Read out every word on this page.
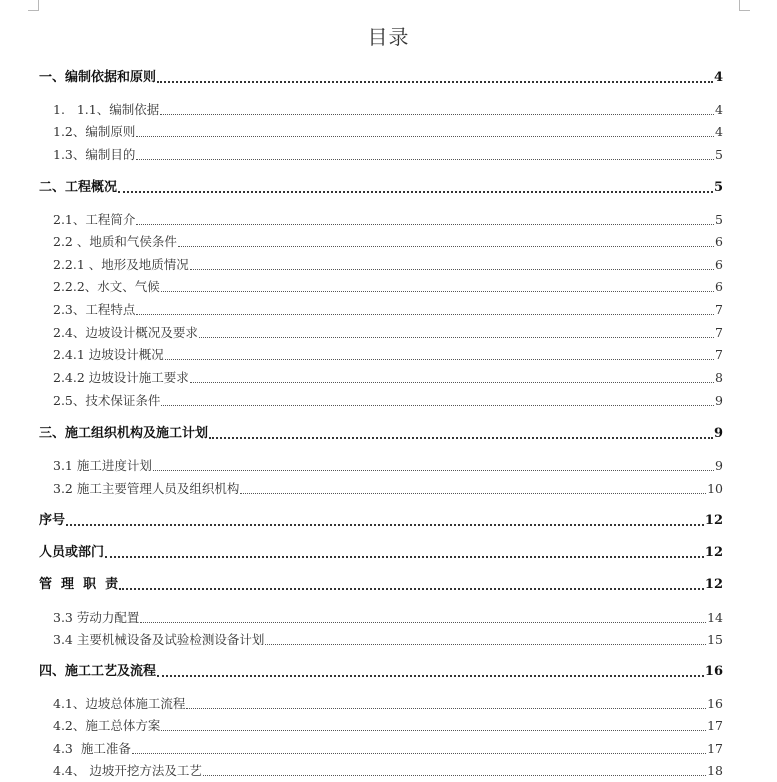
目录
一、编制依据和原则	4
1.   1.1、编制依据	4
1.2、编制原则	4
1.3、编制目的	5
二、工程概况	5
2.1、工程简介	5
2.2 、地质和气侯条件	6
2.2.1 、地形及地质情况	6
2.2.2、水文、气候	6
2.3、工程特点	7
2.4、边坡设计概况及要求	7
2.4.1 边坡设计概况	7
2.4.2 边坡设计施工要求	8
2.5、技术保证条件	9
三、施工组织机构及施工计划	9
3.1 施工进度计划	9
3.2 施工主要管理人员及组织机构	10
序号	12
人员或部门	12
管  理  职  责	12
3.3 劳动力配置	14
3.4 主要机械设备及试验检测设备计划	15
四、施工工艺及流程	16
4.1、边坡总体施工流程	16
4.2、施工总体方案	17
4.3  施工准备	17
4.4、 边坡开挖方法及工艺	18
